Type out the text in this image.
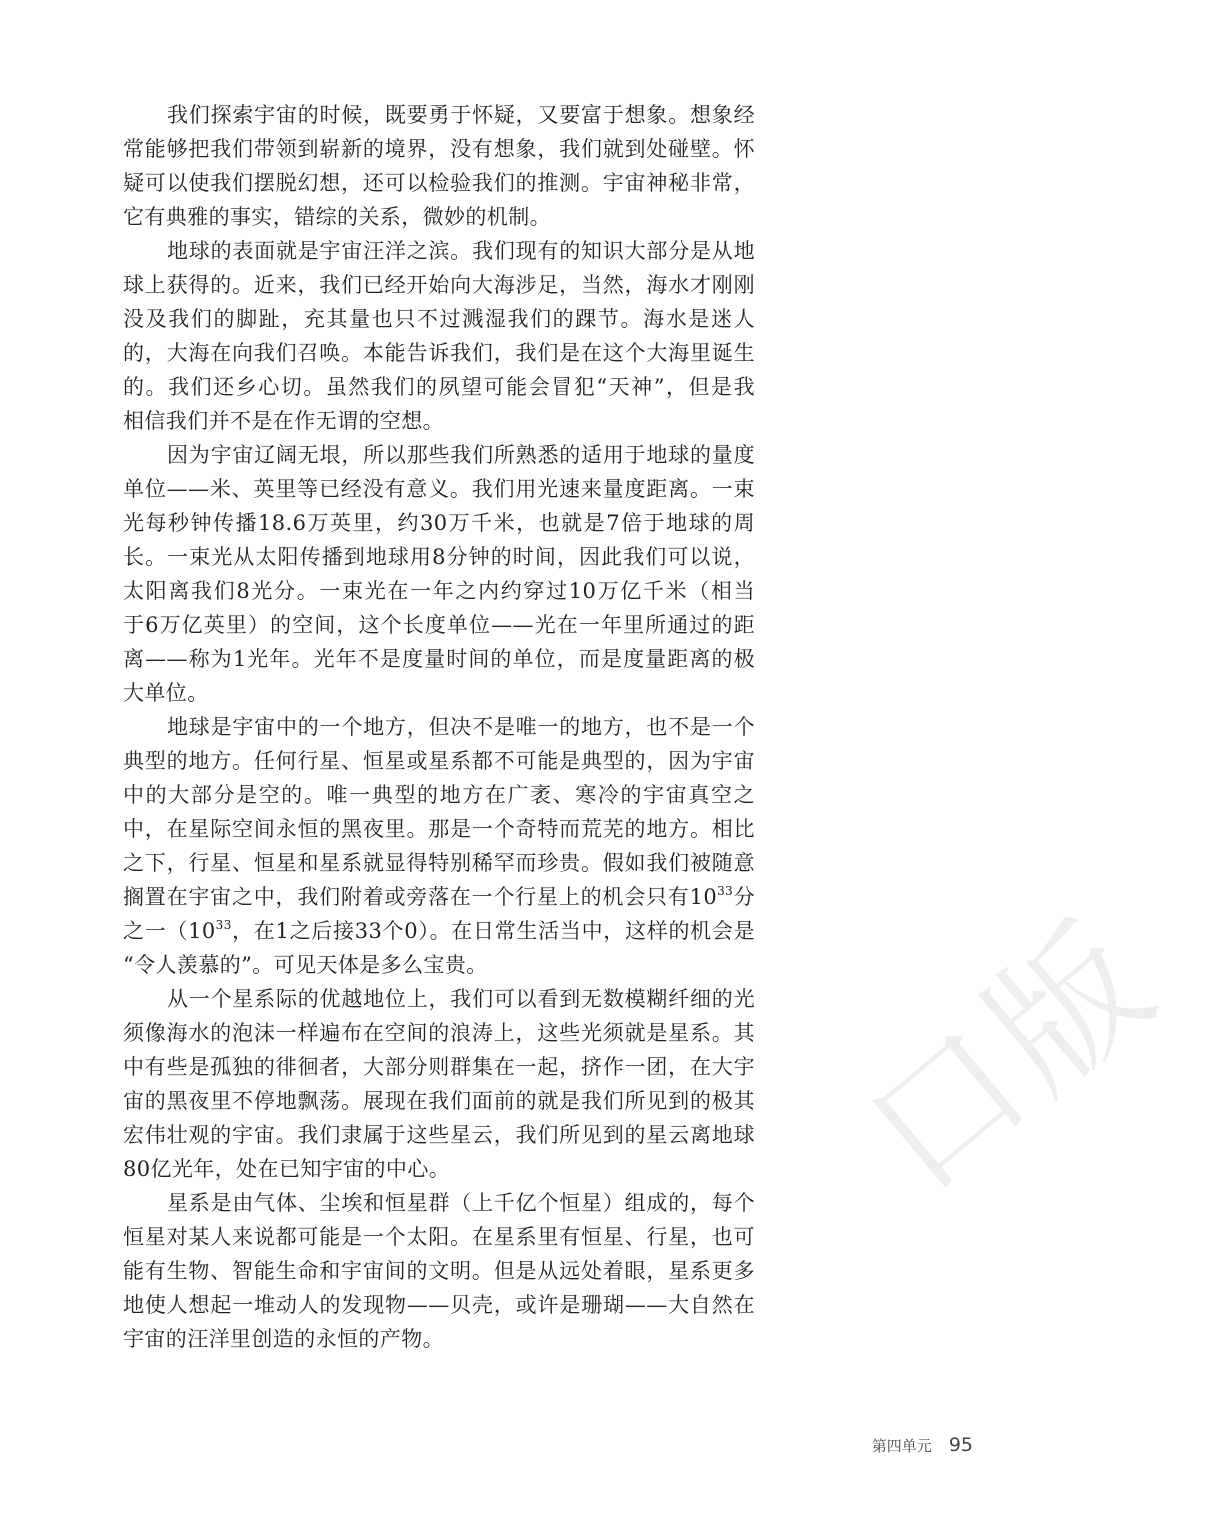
口版
我们探索宇宙的时候，既要勇于怀疑，又要富于想象。想象经
常能够把我们带领到崭新的境界，没有想象，我们就到处碰壁。怀
疑可以使我们摆脱幻想，还可以检验我们的推测。宇宙神秘非常，
它有典雅的事实，错综的关系，微妙的机制。
地球的表面就是宇宙汪洋之滨。我们现有的知识大部分是从地
球上获得的。近来，我们已经开始向大海涉足，当然，海水才刚刚
没及我们的脚趾，充其量也只不过溅湿我们的踝节。海水是迷人
的，大海在向我们召唤。本能告诉我们，我们是在这个大海里诞生
的。我们还乡心切。虽然我们的夙望可能会冒犯“天神”，但是我
相信我们并不是在作无谓的空想。
因为宇宙辽阔无垠，所以那些我们所熟悉的适用于地球的量度
单位——米、英里等已经没有意义。我们用光速来量度距离。一束
光每秒钟传播18.6万英里，约30万千米，也就是7倍于地球的周
长。一束光从太阳传播到地球用8分钟的时间，因此我们可以说，
太阳离我们8光分。一束光在一年之内约穿过10万亿千米（相当
于6万亿英里）的空间，这个长度单位——光在一年里所通过的距
离——称为1光年。光年不是度量时间的单位，而是度量距离的极
大单位。
地球是宇宙中的一个地方，但决不是唯一的地方，也不是一个
典型的地方。任何行星、恒星或星系都不可能是典型的，因为宇宙
中的大部分是空的。唯一典型的地方在广袤、寒冷的宇宙真空之
中，在星际空间永恒的黑夜里。那是一个奇特而荒芜的地方。相比
之下，行星、恒星和星系就显得特别稀罕而珍贵。假如我们被随意
搁置在宇宙之中，我们附着或旁落在一个行星上的机会只有$10^{33}$分
之一（$10^{33}$，在1之后接33个0）。在日常生活当中，这样的机会是
“令人羡慕的”。可见天体是多么宝贵。
从一个星系际的优越地位上，我们可以看到无数模糊纤细的光
须像海水的泡沫一样遍布在空间的浪涛上，这些光须就是星系。其
中有些是孤独的徘徊者，大部分则群集在一起，挤作一团，在大宇
宙的黑夜里不停地飘荡。展现在我们面前的就是我们所见到的极其
宏伟壮观的宇宙。我们隶属于这些星云，我们所见到的星云离地球
80亿光年，处在已知宇宙的中心。
星系是由气体、尘埃和恒星群（上千亿个恒星）组成的，每个
恒星对某人来说都可能是一个太阳。在星系里有恒星、行星，也可
能有生物、智能生命和宇宙间的文明。但是从远处着眼，星系更多
地使人想起一堆动人的发现物——贝壳，或许是珊瑚——大自然在
宇宙的汪洋里创造的永恒的产物。
第四单元 95
